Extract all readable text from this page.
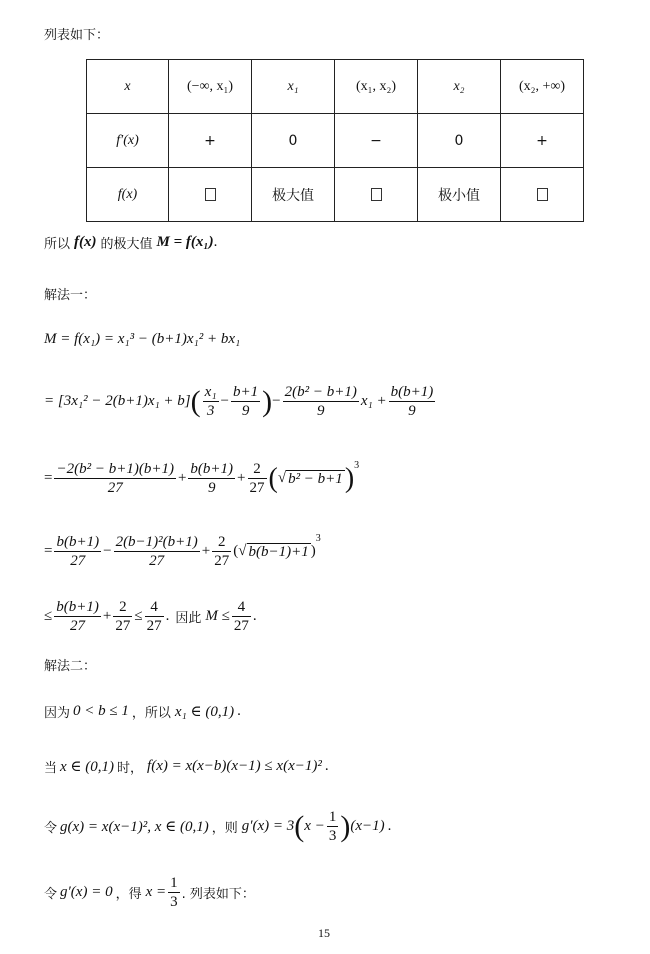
列表如下：
x	(−∞, x₁)	x₁	(x₁, x₂)	x₂	(x₂, +∞)
f′(x)	+	0	−	0	+
f(x)		极大值		极小值	
所以 f(x) 的极大值 M = f(x₁) .
解法一：
M = f(x₁) = x₁³ − (b+1)x₁² + bx₁
= [3x₁² − 2(b+1)x₁ + b] ( $\frac{\text{x₁}}{3} - \frac{b+1}{9}$ ) − $\frac{\text{2(b² − b+1)}}{9} x_1 + \frac{b(b+1)}{9}$
= $\frac{\text{−2(b² − b+1)(b+1)}}{27} + \frac{b(b+1)}{9} + \frac{2}{27}$ ( √ b² − b+1 )$^3$
= $\frac{b(b+1)}{27} - \frac{\text{2(b−1)²(b+1)}}{27} + \frac{2}{27}$ ( √ b(b−1)+1 )
$^3$
≤ $\frac{b(b+1)}{27} + \frac{2}{27} \le \frac{4}{27}$ . 因此 $M \le \frac{4}{27}$ .
解法二：
因为 0 < b ≤ 1 ，所以 x₁ ∈ (0,1) .
当 x ∈ (0,1) 时， f(x) = x(x−b)(x−1) ≤ x(x−1)² .
令 g(x) = x(x−1)², x ∈ (0,1) ，则 g′(x) = 3 ( $x - \frac{1}{3}$ ) (x−1) .
令 g′(x) = 0 ，得 $x = \frac{1}{3}$ . 列表如下：
15
